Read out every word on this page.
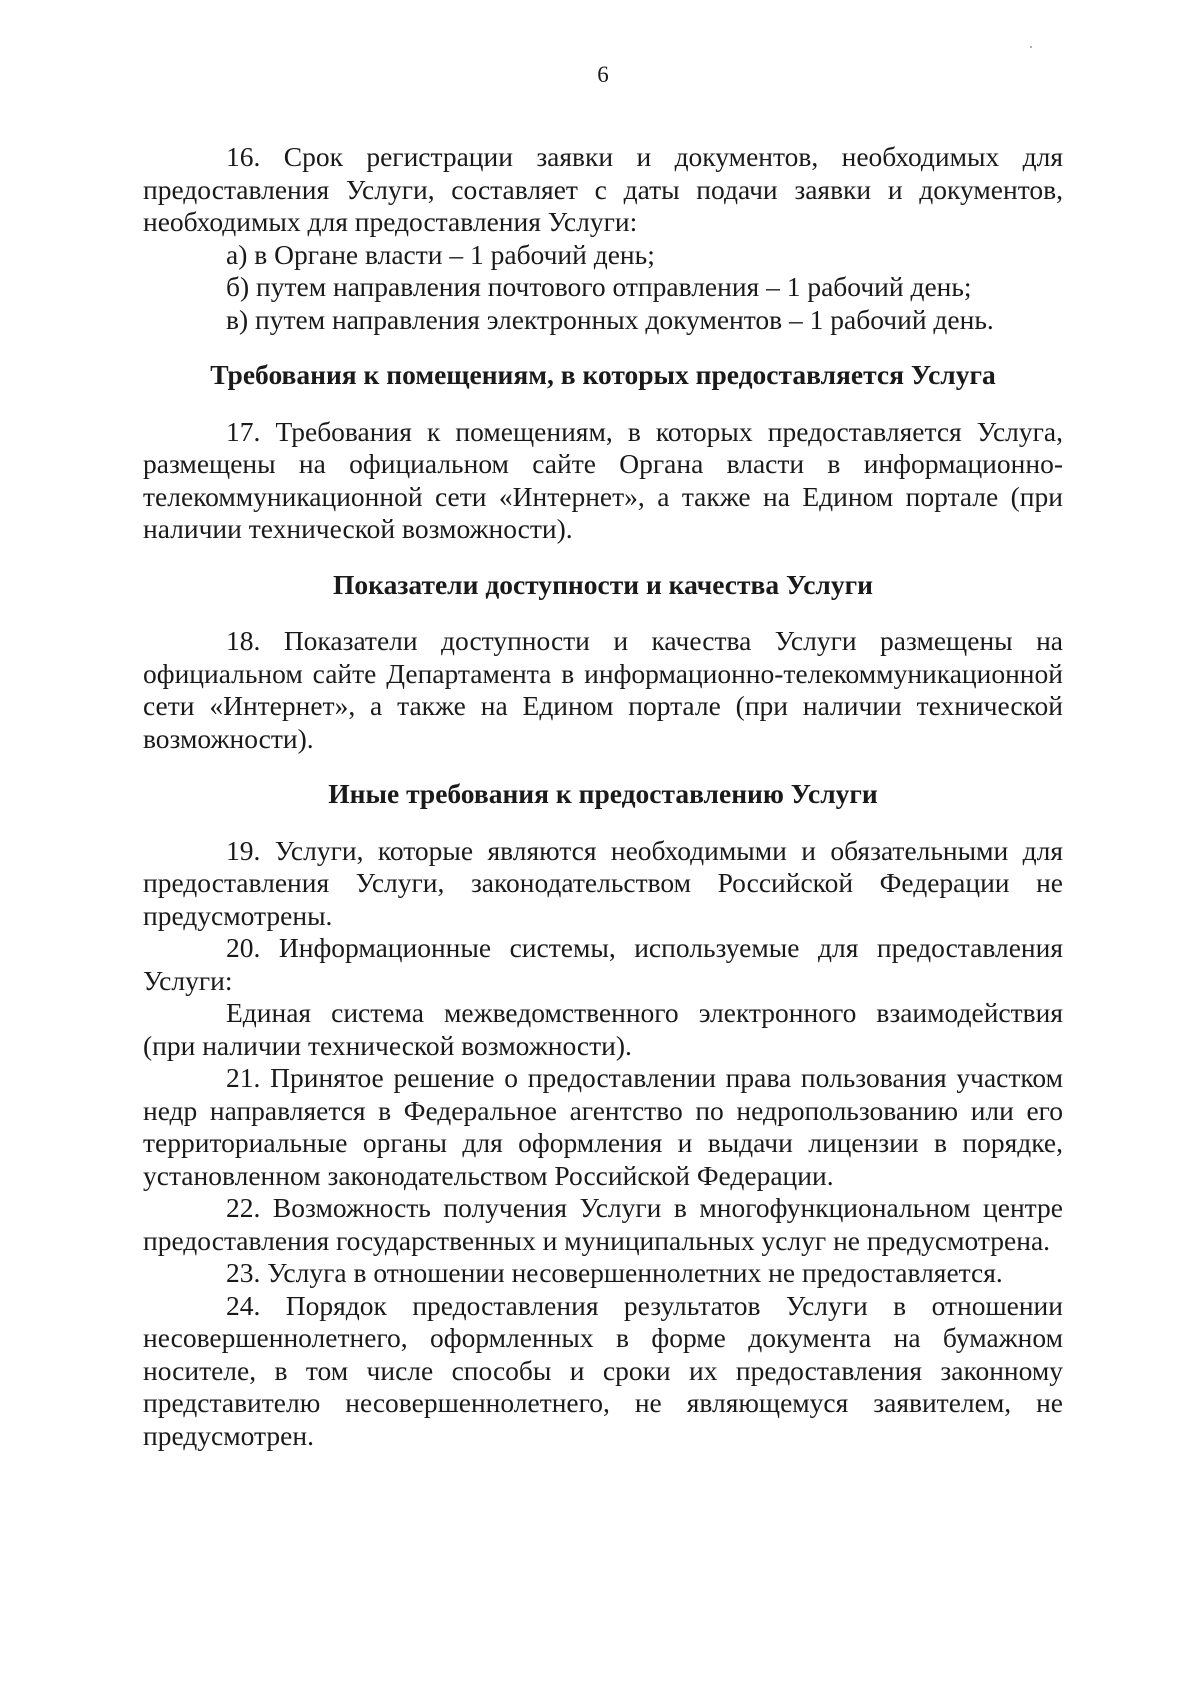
6

16. Срок регистрации заявки и документов, необходимых для предоставления Услуги, составляет с даты подачи заявки и документов, необходимых для предоставления Услуги:

а) в Органе власти – 1 рабочий день;

б) путем направления почтового отправления – 1 рабочий день;

в) путем направления электронных документов – 1 рабочий день.

Требования к помещениям, в которых предоставляется Услуга

17. Требования к помещениям, в которых предоставляется Услуга, размещены на официальном сайте Органа власти в информационно-телекоммуникационной сети «Интернет», а также на Едином портале (при наличии технической возможности).

Показатели доступности и качества Услуги

18. Показатели доступности и качества Услуги размещены на официальном сайте Департамента в информационно-телекоммуникационной сети «Интернет», а также на Едином портале (при наличии технической возможности).

Иные требования к предоставлению Услуги

19. Услуги, которые являются необходимыми и обязательными для предоставления Услуги, законодательством Российской Федерации не предусмотрены.

20. Информационные системы, используемые для предоставления Услуги:

Единая система межведомственного электронного взаимодействия (при наличии технической возможности).

21. Принятое решение о предоставлении права пользования участком недр направляется в Федеральное агентство по недропользованию или его территориальные органы для оформления и выдачи лицензии в порядке, установленном законодательством Российской Федерации.

22. Возможность получения Услуги в многофункциональном центре предоставления государственных и муниципальных услуг не предусмотрена.

23. Услуга в отношении несовершеннолетних не предоставляется.

24. Порядок предоставления результатов Услуги в отношении несовершеннолетнего, оформленных в форме документа на бумажном носителе, в том числе способы и сроки их предоставления законному представителю несовершеннолетнего, не являющемуся заявителем, не предусмотрен.
